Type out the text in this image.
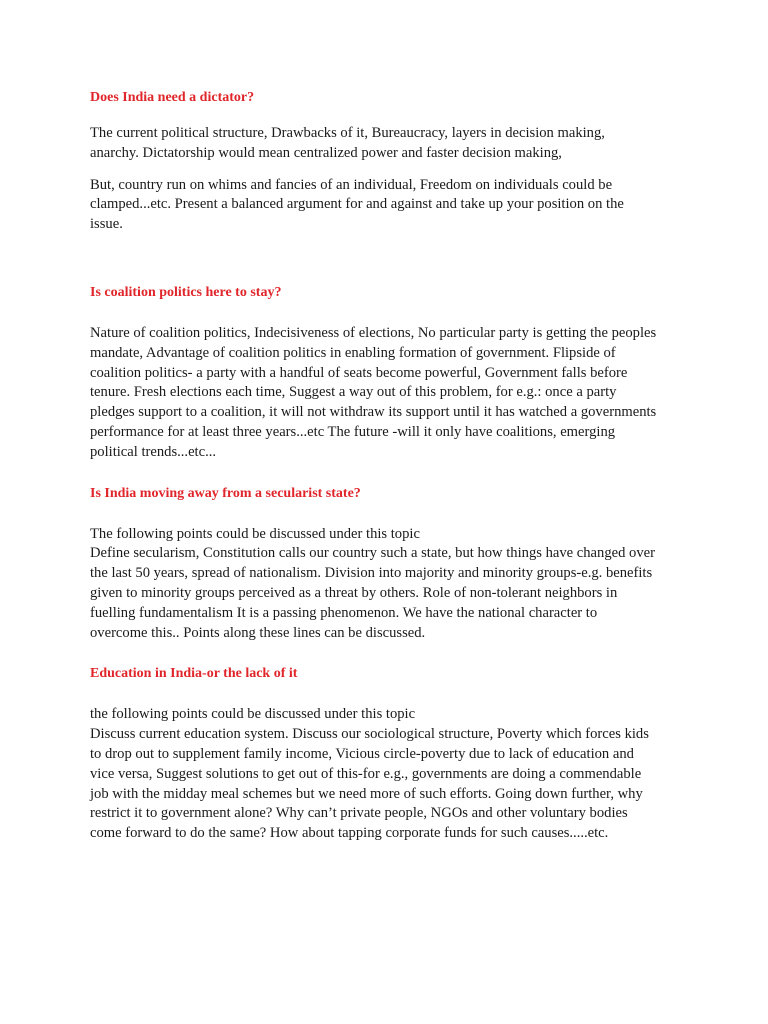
Does India need a dictator?

The current political structure, Drawbacks of it, Bureaucracy, layers in decision making,
anarchy. Dictatorship would mean centralized power and faster decision making,

But, country run on whims and fancies of an individual, Freedom on individuals could be
clamped...etc. Present a balanced argument for and against and take up your position on the
issue.

Is coalition politics here to stay?

Nature of coalition politics, Indecisiveness of elections, No particular party is getting the peoples
mandate, Advantage of coalition politics in enabling formation of government. Flipside of
coalition politics- a party with a handful of seats become powerful, Government falls before
tenure. Fresh elections each time, Suggest a way out of this problem, for e.g.: once a party
pledges support to a coalition, it will not withdraw its support until it has watched a governments
performance for at least three years...etc The future -will it only have coalitions, emerging
political trends...etc...

Is India moving away from a secularist state?

The following points could be discussed under this topic
Define secularism, Constitution calls our country such a state, but how things have changed over
the last 50 years, spread of nationalism. Division into majority and minority groups-e.g. benefits
given to minority groups perceived as a threat by others. Role of non-tolerant neighbors in
fuelling fundamentalism It is a passing phenomenon. We have the national character to
overcome this.. Points along these lines can be discussed.

Education in India-or the lack of it

the following points could be discussed under this topic
Discuss current education system. Discuss our sociological structure, Poverty which forces kids
to drop out to supplement family income, Vicious circle-poverty due to lack of education and
vice versa, Suggest solutions to get out of this-for e.g., governments are doing a commendable
job with the midday meal schemes but we need more of such efforts. Going down further, why
restrict it to government alone? Why can’t private people, NGOs and other voluntary bodies
come forward to do the same? How about tapping corporate funds for such causes.....etc.
